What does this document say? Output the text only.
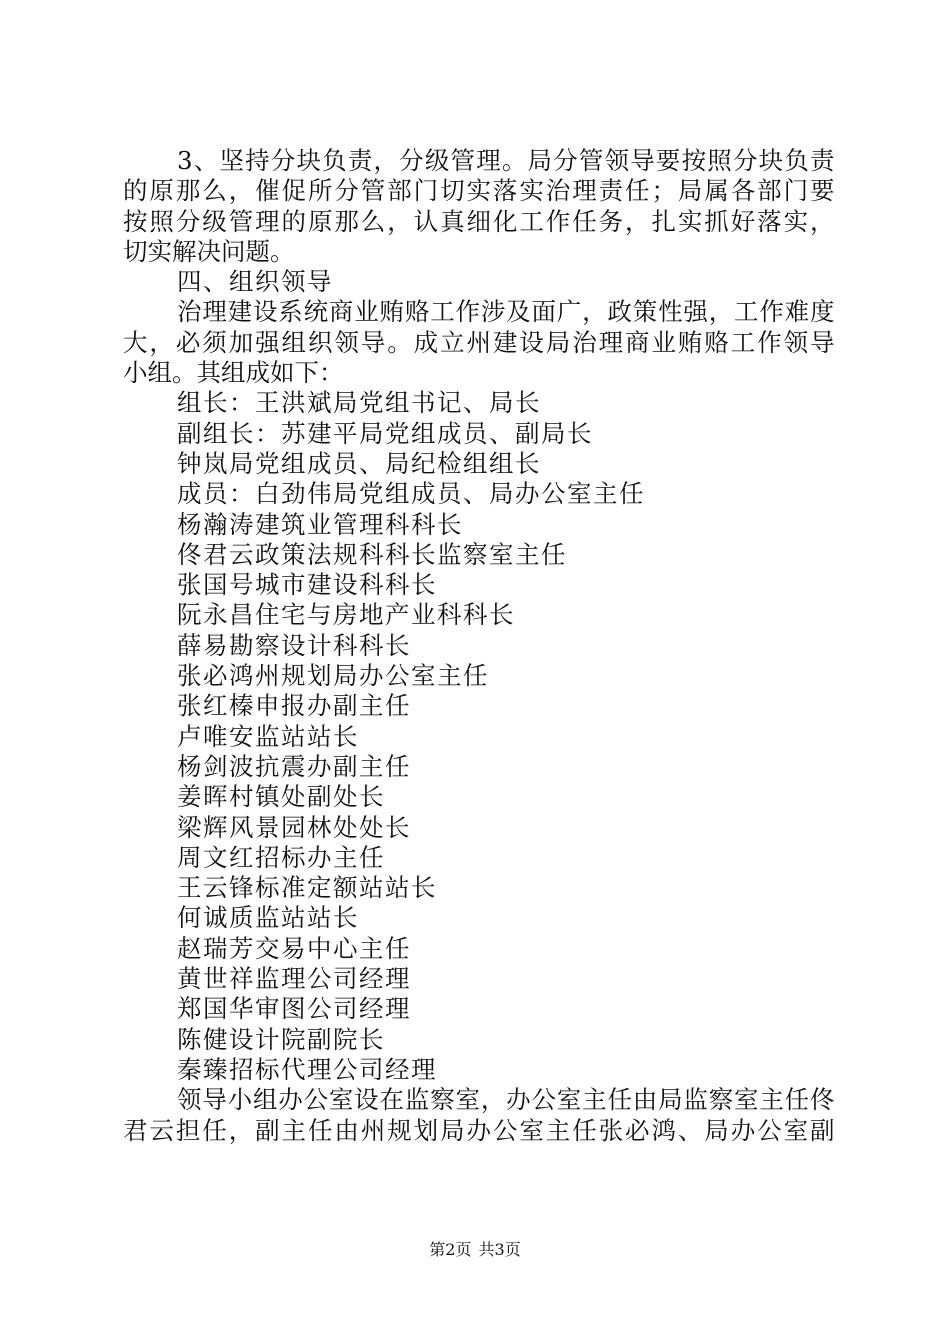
3、坚持分块负责，分级管理。局分管领导要按照分块负责
的原那么，催促所分管部门切实落实治理责任；局属各部门要
按照分级管理的原那么，认真细化工作任务，扎实抓好落实，
切实解决问题。
四、组织领导
治理建设系统商业贿赂工作涉及面广，政策性强，工作难度
大，必须加强组织领导。成立州建设局治理商业贿赂工作领导
小组。其组成如下：
组长：王洪斌局党组书记、局长
副组长：苏建平局党组成员、副局长
钟岚局党组成员、局纪检组组长
成员：白劲伟局党组成员、局办公室主任
杨瀚涛建筑业管理科科长
佟君云政策法规科科长监察室主任
张国号城市建设科科长
阮永昌住宅与房地产业科科长
薛易勘察设计科科长
张必鸿州规划局办公室主任
张红榛申报办副主任
卢唯安监站站长
杨剑波抗震办副主任
姜晖村镇处副处长
梁辉风景园林处处长
周文红招标办主任
王云锋标准定额站站长
何诚质监站站长
赵瑞芳交易中心主任
黄世祥监理公司经理
郑国华审图公司经理
陈健设计院副院长
秦臻招标代理公司经理
领导小组办公室设在监察室，办公室主任由局监察室主任佟
君云担任，副主任由州规划局办公室主任张必鸿、局办公室副
第2页 共3页
